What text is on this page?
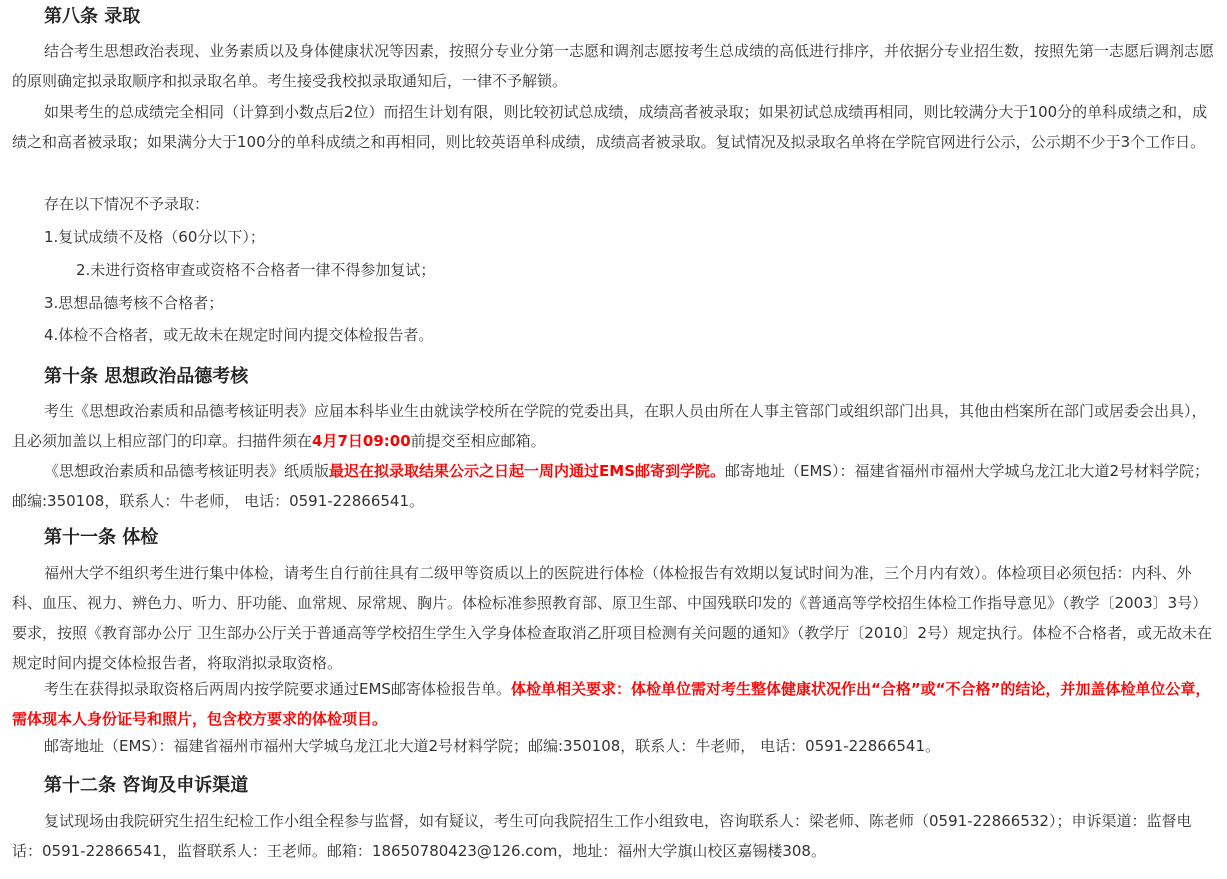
第八条 录取

结合考生思想政治表现、业务素质以及身体健康状况等因素，按照分专业分第一志愿和调剂志愿按考生总成绩的高低进行排序，并依据分专业招生数，按照先第一志愿后调剂志愿的原则确定拟录取顺序和拟录取名单。考生接受我校拟录取通知后，一律不予解锁。

如果考生的总成绩完全相同（计算到小数点后2位）而招生计划有限，则比较初试总成绩，成绩高者被录取；如果初试总成绩再相同，则比较满分大于100分的单科成绩之和，成绩之和高者被录取；如果满分大于100分的单科成绩之和再相同，则比较英语单科成绩，成绩高者被录取。复试情况及拟录取名单将在学院官网进行公示，公示期不少于3个工作日。

存在以下情况不予录取：

1.复试成绩不及格（60分以下）；

2.未进行资格审查或资格不合格者一律不得参加复试；

3.思想品德考核不合格者；

4.体检不合格者，或无故未在规定时间内提交体检报告者。

第十条 思想政治品德考核

考生《思想政治素质和品德考核证明表》应届本科毕业生由就读学校所在学院的党委出具，在职人员由所在人事主管部门或组织部门出具，其他由档案所在部门或居委会出具），且必须加盖以上相应部门的印章。扫描件须在4月7日09:00前提交至相应邮箱。

《思想政治素质和品德考核证明表》纸质版最迟在拟录取结果公示之日起一周内通过EMS邮寄到学院。邮寄地址（EMS）：福建省福州市福州大学城乌龙江北大道2号材料学院；邮编:350108，联系人：牛老师， 电话：0591-22866541。

第十一条 体检

福州大学不组织考生进行集中体检，请考生自行前往具有二级甲等资质以上的医院进行体检（体检报告有效期以复试时间为准，三个月内有效）。体检项目必须包括：内科、外科、血压、视力、辨色力、听力、肝功能、血常规、尿常规、胸片。体检标准参照教育部、原卫生部、中国残联印发的《普通高等学校招生体检工作指导意见》（教学〔2003〕3号）要求，按照《教育部办公厅 卫生部办公厅关于普通高等学校招生学生入学身体检查取消乙肝项目检测有关问题的通知》（教学厅〔2010〕2号）规定执行。体检不合格者，或无故未在规定时间内提交体检报告者，将取消拟录取资格。

考生在获得拟录取资格后两周内按学院要求通过EMS邮寄体检报告单。体检单相关要求：体检单位需对考生整体健康状况作出“合格”或“不合格”的结论，并加盖体检单位公章，需体现本人身份证号和照片，包含校方要求的体检项目。

邮寄地址（EMS）：福建省福州市福州大学城乌龙江北大道2号材料学院；邮编:350108，联系人：牛老师， 电话：0591-22866541。

第十二条 咨询及申诉渠道

复试现场由我院研究生招生纪检工作小组全程参与监督，如有疑议，考生可向我院招生工作小组致电，咨询联系人：梁老师、陈老师（0591-22866532）；申诉渠道：监督电话：0591-22866541，监督联系人：王老师。邮箱：18650780423@126.com，地址：福州大学旗山校区嘉锡楼308。
